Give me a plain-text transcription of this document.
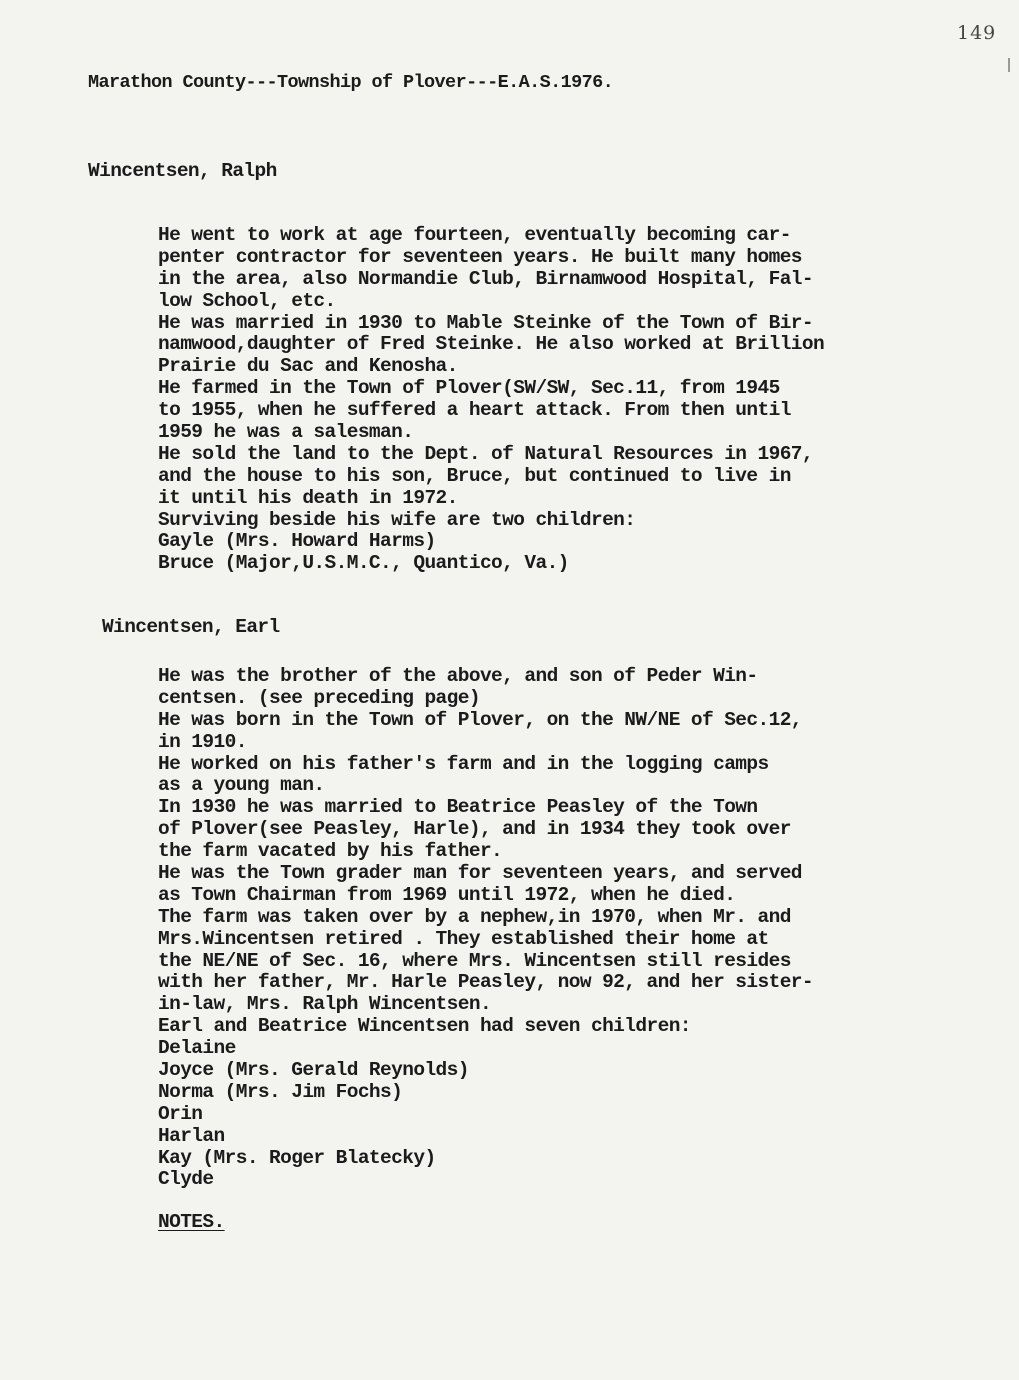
149
Marathon County---Township of Plover---E.A.S.1976.
Wincentsen, Ralph
He went to work at age fourteen, eventually becoming car-
penter contractor for seventeen years. He built many homes
in the area, also Normandie Club, Birnamwood Hospital, Fal-
low School, etc.
He was married in 1930 to Mable Steinke of the Town of Bir-
namwood,daughter of Fred Steinke. He also worked at Brillion
Prairie du Sac and Kenosha.
He farmed in the Town of Plover(SW/SW, Sec.11, from 1945
to 1955, when he suffered a heart attack. From then until
1959 he was a salesman.
He sold the land to the Dept. of Natural Resources in 1967,
and the house to his son, Bruce, but continued to live in
it until his death in 1972.
Surviving beside his wife are two children:
Gayle (Mrs. Howard Harms)
Bruce (Major,U.S.M.C., Quantico, Va.)
Wincentsen, Earl
He was the brother of the above, and son of Peder Win-
centsen. (see preceding page)
He was born in the Town of Plover, on the NW/NE of Sec.12,
in 1910.
He worked on his father's farm and in the logging camps
as a young man.
In 1930 he was married to Beatrice Peasley of the Town
of Plover(see Peasley, Harle), and in 1934 they took over
the farm vacated by his father.
He was the Town grader man for seventeen years, and served
as Town Chairman from 1969 until 1972, when he died.
The farm was taken over by a nephew,in 1970, when Mr. and
Mrs.Wincentsen retired . They established their home at
the NE/NE of Sec. 16, where Mrs. Wincentsen still resides
with her father, Mr. Harle Peasley, now 92, and her sister-
in-law, Mrs. Ralph Wincentsen.
Earl and Beatrice Wincentsen had seven children:
Delaine
Joyce (Mrs. Gerald Reynolds)
Norma (Mrs. Jim Fochs)
Orin
Harlan
Kay (Mrs. Roger Blatecky)
Clyde
NOTES.
